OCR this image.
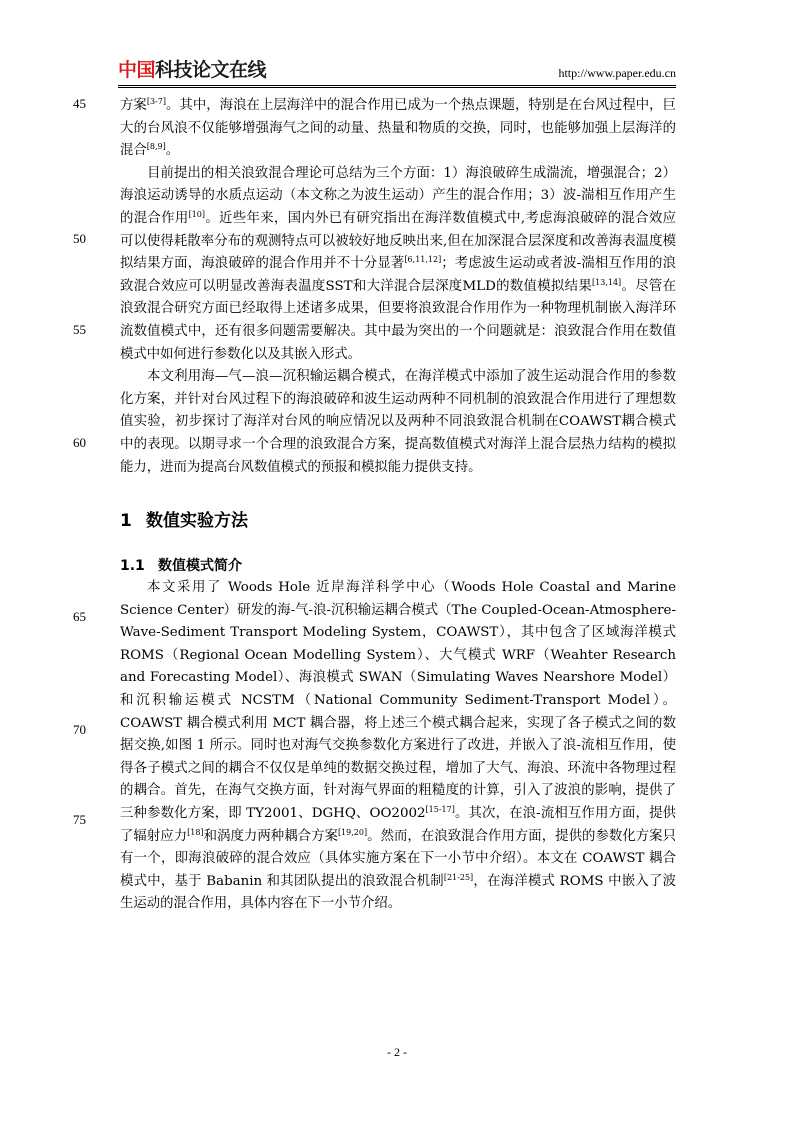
中国科技论文在线	http://www.paper.edu.cn
45
50
55
60
65
70
75

方案[3-7]。其中，海浪在上层海洋中的混合作用已成为一个热点课题，特别是在台风过程中，巨大的台风浪不仅能够增强海气之间的动量、热量和物质的交换，同时，也能够加强上层海洋的混合[8,9]。

目前提出的相关浪致混合理论可总结为三个方面：1）海浪破碎生成湍流，增强混合；2）海浪运动诱导的水质点运动（本文称之为波生运动）产生的混合作用；3）波-湍相互作用产生的混合作用[10]。近些年来，国内外已有研究指出在海洋数值模式中,考虑海浪破碎的混合效应可以使得耗散率分布的观测特点可以被较好地反映出来,但在加深混合层深度和改善海表温度模拟结果方面，海浪破碎的混合作用并不十分显著[6,11,12]；考虑波生运动或者波-湍相互作用的浪致混合效应可以明显改善海表温度SST和大洋混合层深度MLD的数值模拟结果[13,14]。尽管在浪致混合研究方面已经取得上述诸多成果，但要将浪致混合作用作为一种物理机制嵌入海洋环流数值模式中，还有很多问题需要解决。其中最为突出的一个问题就是：浪致混合作用在数值模式中如何进行参数化以及其嵌入形式。

本文利用海—气—浪—沉积输运耦合模式，在海洋模式中添加了波生运动混合作用的参数化方案，并针对台风过程下的海浪破碎和波生运动两种不同机制的浪致混合作用进行了理想数值实验，初步探讨了海洋对台风的响应情况以及两种不同浪致混合机制在COAWST耦合模式中的表现。以期寻求一个合理的浪致混合方案，提高数值模式对海洋上混合层热力结构的模拟能力，进而为提高台风数值模式的预报和模拟能力提供支持。

1 数值实验方法
1.1 数值模式简介

本文采用了 Woods Hole 近岸海洋科学中心（Woods Hole Coastal and Marine Science Center）研发的海-气-浪-沉积输运耦合模式（The Coupled-Ocean-Atmosphere-Wave-Sediment Transport Modeling System，COAWST），其中包含了区域海洋模式 ROMS（Regional Ocean Modelling System）、大气模式 WRF（Weahter Research and Forecasting Model）、海浪模式 SWAN（Simulating Waves Nearshore Model）和沉积输运模式 NCSTM（National Community Sediment-Transport Model）。COAWST 耦合模式利用 MCT 耦合器，将上述三个模式耦合起来，实现了各子模式之间的数据交换,如图 1 所示。同时也对海气交换参数化方案进行了改进，并嵌入了浪-流相互作用，使得各子模式之间的耦合不仅仅是单纯的数据交换过程，增加了大气、海浪、环流中各物理过程的耦合。首先，在海气交换方面，针对海气界面的粗糙度的计算，引入了波浪的影响，提供了三种参数化方案，即 TY2001、DGHQ、OO2002[15-17]。其次，在浪-流相互作用方面，提供了辐射应力[18]和涡度力两种耦合方案[19,20]。然而，在浪致混合作用方面，提供的参数化方案只有一个，即海浪破碎的混合效应（具体实施方案在下一小节中介绍）。本文在 COAWST 耦合模式中，基于 Babanin 和其团队提出的浪致混合机制[21-25]，在海洋模式 ROMS 中嵌入了波生运动的混合作用，具体内容在下一小节介绍。

- 2 -
